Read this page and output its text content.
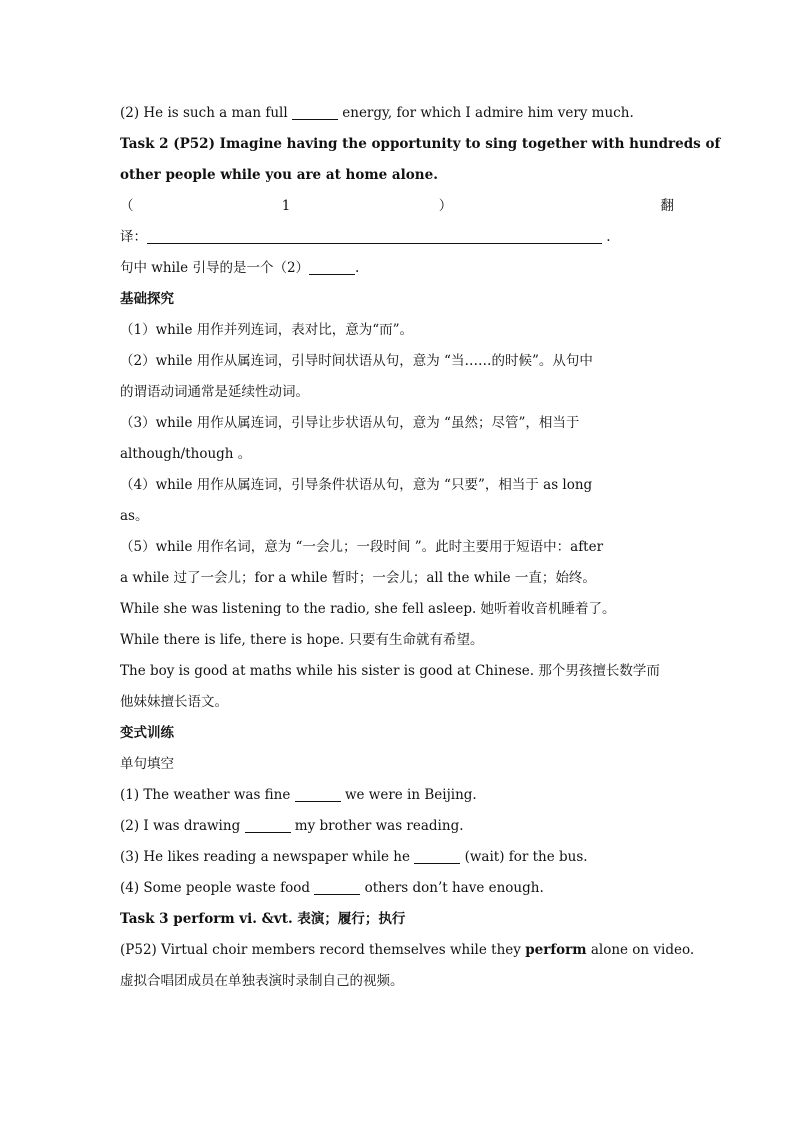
(2) He is such a man full	energy, for which I admire him very much.
Task 2 (P52) Imagine having the opportunity to sing together with hundreds of
other people while you are at home alone.
（	1	）	翻
译：	.
句中 while 引导的是一个（2）	.
基础探究
（1）while 用作并列连词，表对比，意为“而”。
（2）while 用作从属连词，引导时间状语从句，意为 “当……的时候”。从句中
的谓语动词通常是延续性动词。
（3）while 用作从属连词，引导让步状语从句，意为 “虽然；尽管”，相当于
although/though 。
（4）while 用作从属连词，引导条件状语从句，意为 “只要”，相当于 as long
as。
（5）while 用作名词，意为 “一会儿；一段时间 ”。此时主要用于短语中：after
a while 过了一会儿；for a while 暂时；一会儿；all the while 一直；始终。
While she was listening to the radio, she fell asleep. 她听着收音机睡着了。
While there is life, there is hope. 只要有生命就有希望。
The boy is good at maths while his sister is good at Chinese. 那个男孩擅长数学而
他妹妹擅长语文。
变式训练
单句填空
(1) The weather was fine	we were in Beijing.
(2) I was drawing	my brother was reading.
(3) He likes reading a newspaper while he	(wait) for the bus.
(4) Some people waste food	others don’t have enough.
Task 3 perform vi. &vt. 表演；履行；执行
(P52) Virtual choir members record themselves while they perform alone on video.
虚拟合唱团成员在单独表演时录制自己的视频。
